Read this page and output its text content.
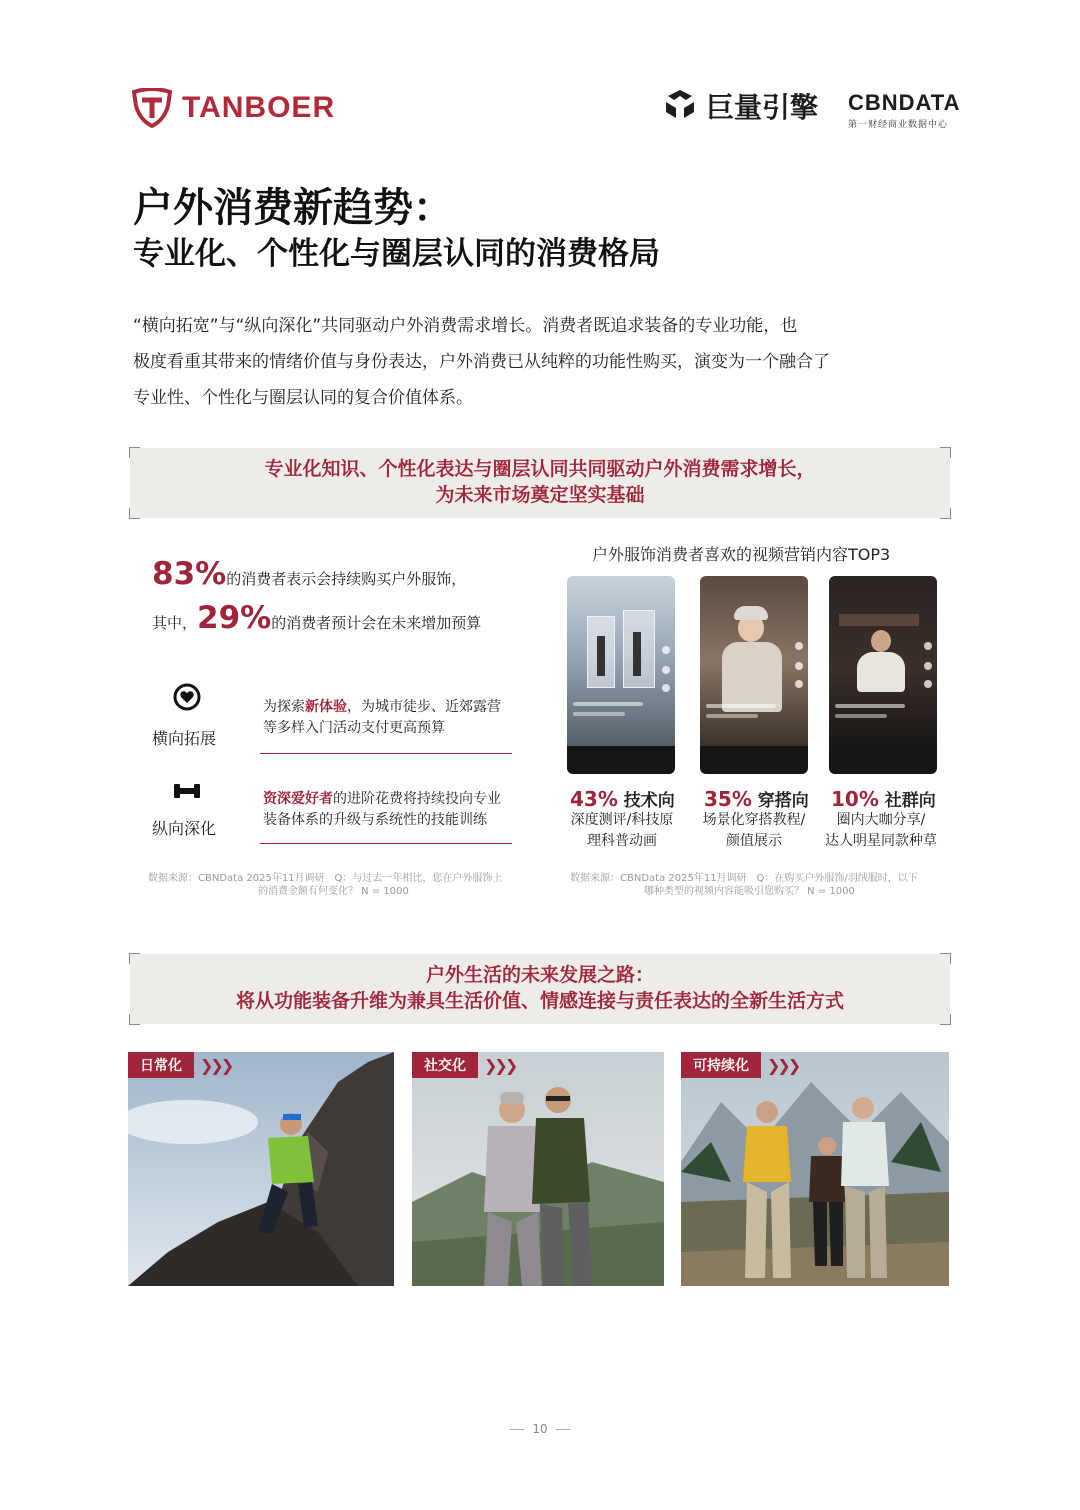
TANBOER	巨量引擎 CBNDATA
第一财经商业数据中心
户外消费新趋势：
专业化、个性化与圈层认同的消费格局
“横向拓宽”与“纵向深化”共同驱动户外消费需求增长。消费者既追求装备的专业功能，也
极度看重其带来的情绪价值与身份表达，户外消费已从纯粹的功能性购买，演变为一个融合了
专业性、个性化与圈层认同的复合价值体系。
专业化知识、个性化表达与圈层认同共同驱动户外消费需求增长，
为未来市场奠定坚实基础
83%的消费者表示会持续购买户外服饰，
其中，29%的消费者预计会在未来增加预算
横向拓展
为探索新体验，为城市徒步、近郊露营等多样入门活动支付更高预算
纵向深化
资深爱好者的进阶花费将持续投向专业装备体系的升级与系统性的技能训练
数据来源：CBNData 2025年11月调研　Q：与过去一年相比，您在户外服饰上
的消费金额有何变化？ N = 1000
户外服饰消费者喜欢的视频营销内容TOP3
43% 技术向
深度测评/科技原
理科普动画
35% 穿搭向
场景化穿搭教程/
颜值展示
10% 社群向
圈内大咖分享/
达人明星同款种草
数据来源：CBNData 2025年11月调研　Q：在购买户外服饰/羽绒服时，以下
哪种类型的视频内容能吸引您购买？ N = 1000
户外生活的未来发展之路：
将从功能装备升维为兼具生活价值、情感连接与责任表达的全新生活方式
日常化	❯❯❯	社交化	❯❯❯	可持续化	❯❯❯
10
